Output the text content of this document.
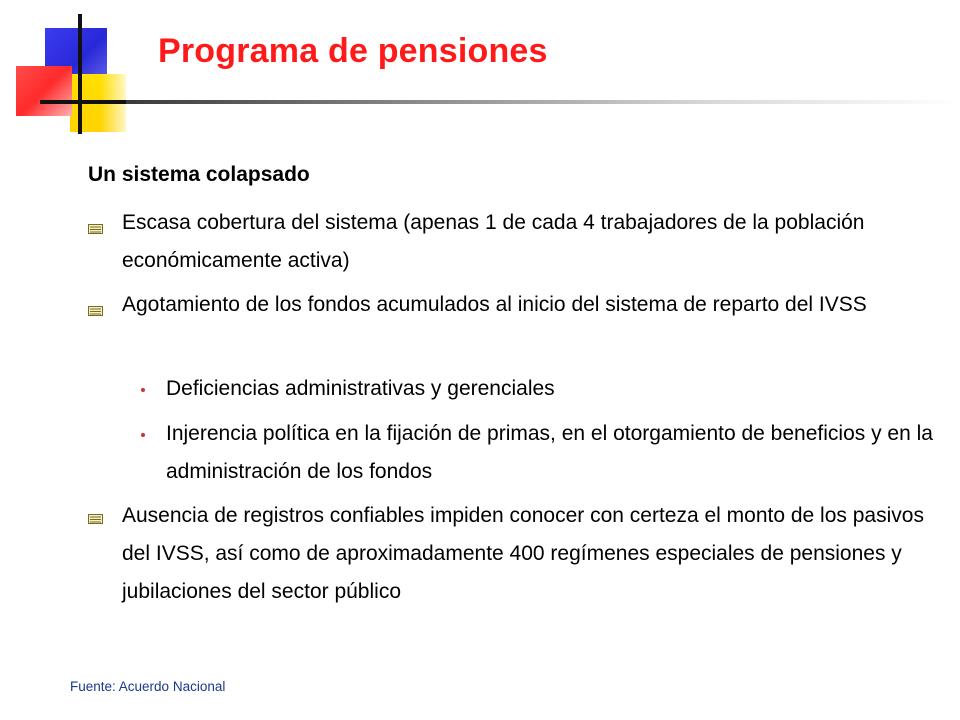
Programa de pensiones
Un sistema colapsado
Escasa cobertura del sistema (apenas 1 de cada 4 trabajadores de la población económicamente activa)
Agotamiento de los fondos acumulados al inicio del sistema de reparto del IVSS
Deficiencias administrativas y gerenciales
Injerencia política en la fijación de primas, en el otorgamiento de beneficios y en la administración de los fondos
Ausencia de registros confiables impiden conocer con certeza el monto de los pasivos del IVSS, así como de aproximadamente 400 regímenes especiales de pensiones y jubilaciones del sector público
Fuente: Acuerdo Nacional
